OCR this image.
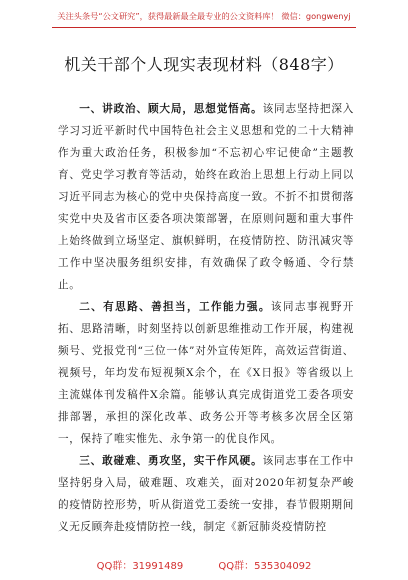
关注头条号“公文研究”，获得最新最全最专业的公文资料库！ 微信：gongwenyj
机关干部个人现实表现材料（848字）

一、讲政治、顾大局，思想觉悟高。该同志坚持把深入学习习近平新时代中国特色社会主义思想和党的二十大精神作为重大政治任务，积极参加“不忘初心牢记使命”主题教育、党史学习教育等活动，始终在政治上思想上行动上同以习近平同志为核心的党中央保持高度一致。不折不扣贯彻落实党中央及省市区委各项决策部署，在原则问题和重大事件上始终做到立场坚定、旗帜鲜明，在疫情防控、防汛减灾等工作中坚决服务组织安排，有效确保了政令畅通、令行禁止。

二、有思路、善担当，工作能力强。该同志事视野开拓、思路清晰，时刻坚持以创新思维推动工作开展，构建视频号、党报党刊“三位一体”对外宣传矩阵，高效运营街道、视频号，年均发布短视频X余个，在《X日报》等省级以上主流媒体刊发稿件X余篇。能够认真完成街道党工委各项安排部署，承担的深化改革、政务公开等考核多次居全区第一，保持了唯实惟先、永争第一的优良作风。

三、敢碰难、勇攻坚，实干作风硬。该同志事在工作中坚持躬身入局，破难题、攻难关，面对2020年初复杂严峻的疫情防控形势，听从街道党工委统一安排，春节假期期间义无反顾奔赴疫情防控一线，制定《新冠肺炎疫情防控

QQ群：31991489	QQ群：535304092
